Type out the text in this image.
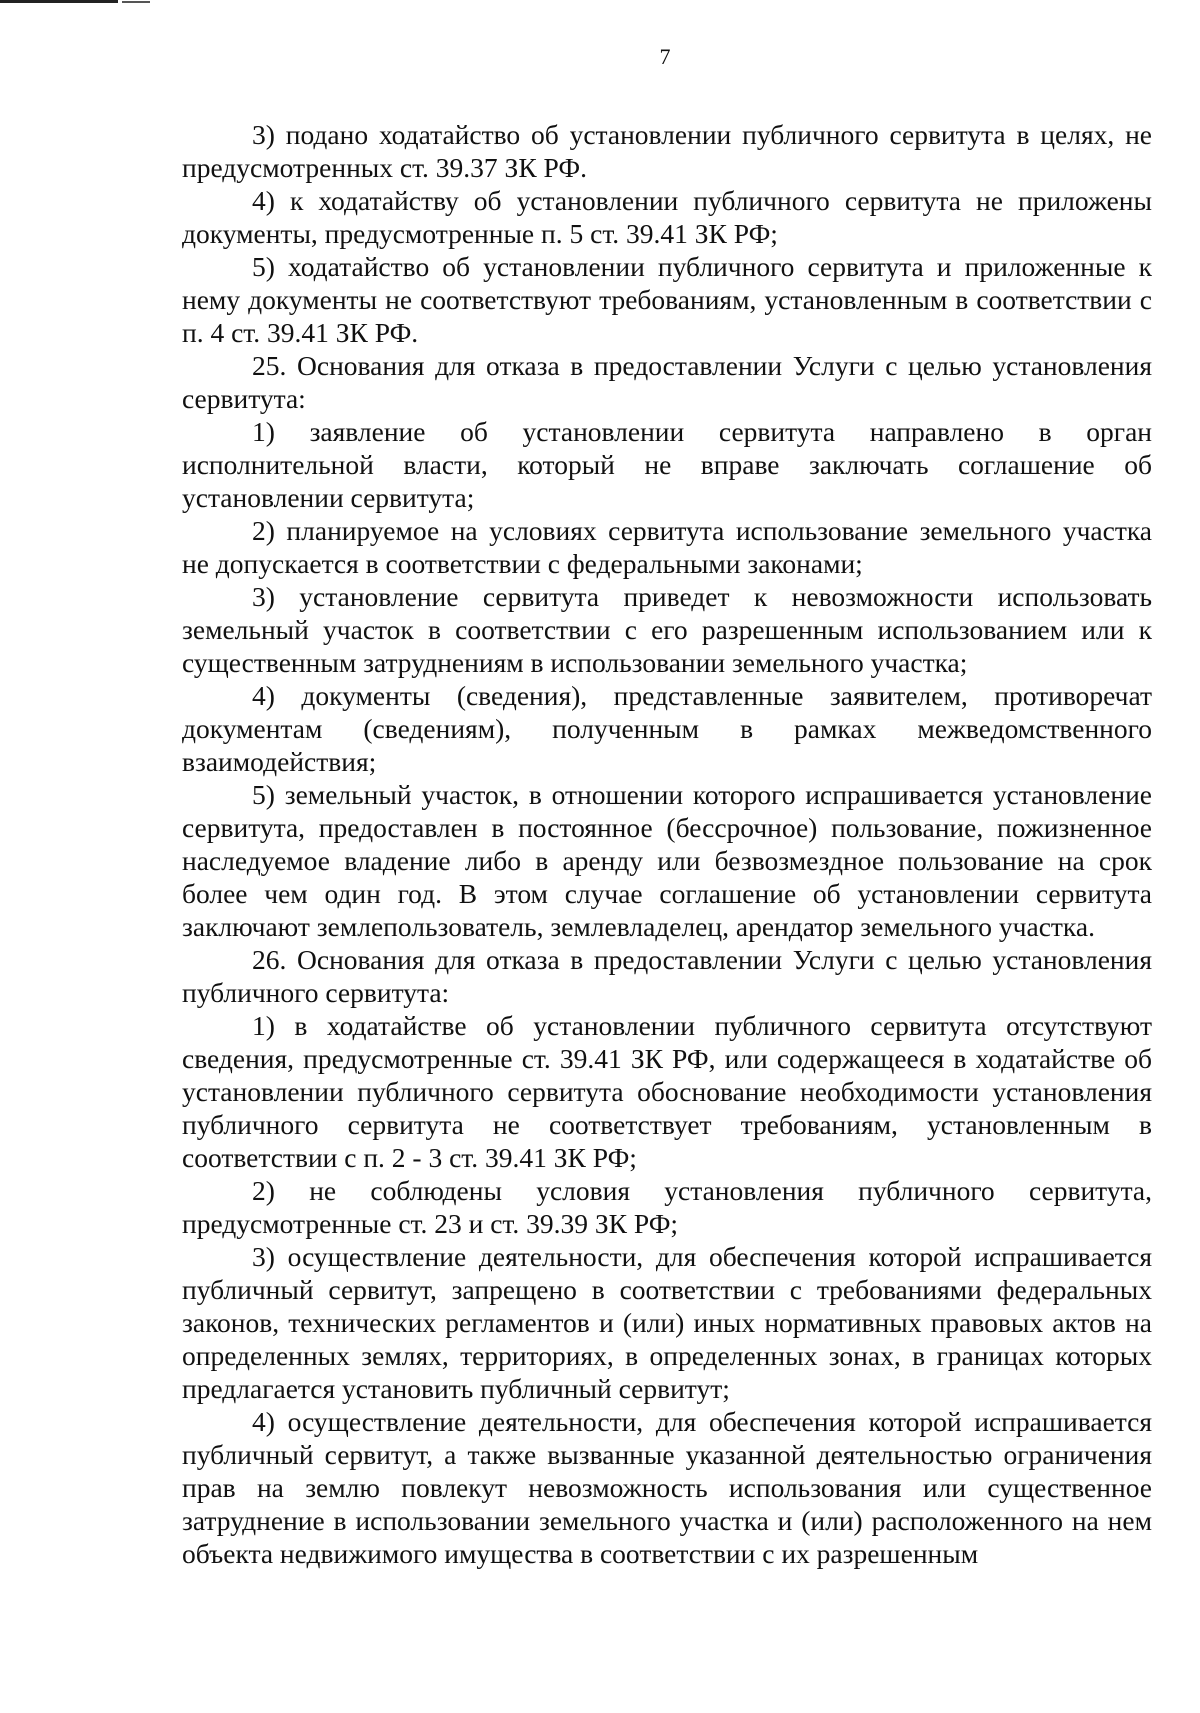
7

3) подано ходатайство об установлении публичного сервитута в целях, не предусмотренных ст. 39.37 ЗК РФ.

4) к ходатайству об установлении публичного сервитута не приложены документы, предусмотренные п. 5 ст. 39.41 ЗК РФ;

5) ходатайство об установлении публичного сервитута и приложенные к нему документы не соответствуют требованиям, установленным в соответствии с п. 4 ст. 39.41 ЗК РФ.

25. Основания для отказа в предоставлении Услуги с целью установления сервитута:

1) заявление об установлении сервитута направлено в орган исполнительной власти, который не вправе заключать соглашение об установлении сервитута;

2) планируемое на условиях сервитута использование земельного участка не допускается в соответствии с федеральными законами;

3) установление сервитута приведет к невозможности использовать земельный участок в соответствии с его разрешенным использованием или к существенным затруднениям в использовании земельного участка;

4) документы (сведения), представленные заявителем, противоречат документам (сведениям), полученным в рамках межведомственного взаимодействия;

5) земельный участок, в отношении которого испрашивается установление сервитута, предоставлен в постоянное (бессрочное) пользование, пожизненное наследуемое владение либо в аренду или безвозмездное пользование на срок более чем один год. В этом случае соглашение об установлении сервитута заключают землепользователь, землевладелец, арендатор земельного участка.

26. Основания для отказа в предоставлении Услуги с целью установления публичного сервитута:

1) в ходатайстве об установлении публичного сервитута отсутствуют сведения, предусмотренные ст. 39.41 ЗК РФ, или содержащееся в ходатайстве об установлении публичного сервитута обоснование необходимости установления публичного сервитута не соответствует требованиям, установленным в соответствии с п. 2 - 3 ст. 39.41 ЗК РФ;

2) не соблюдены условия установления публичного сервитута, предусмотренные ст. 23 и ст. 39.39 ЗК РФ;

3) осуществление деятельности, для обеспечения которой испрашивается публичный сервитут, запрещено в соответствии с требованиями федеральных законов, технических регламентов и (или) иных нормативных правовых актов на определенных землях, территориях, в определенных зонах, в границах которых предлагается установить публичный сервитут;

4) осуществление деятельности, для обеспечения которой испрашивается публичный сервитут, а также вызванные указанной деятельностью ограничения прав на землю повлекут невозможность использования или существенное затруднение в использовании земельного участка и (или) расположенного на нем объекта недвижимого имущества в соответствии с их разрешенным
